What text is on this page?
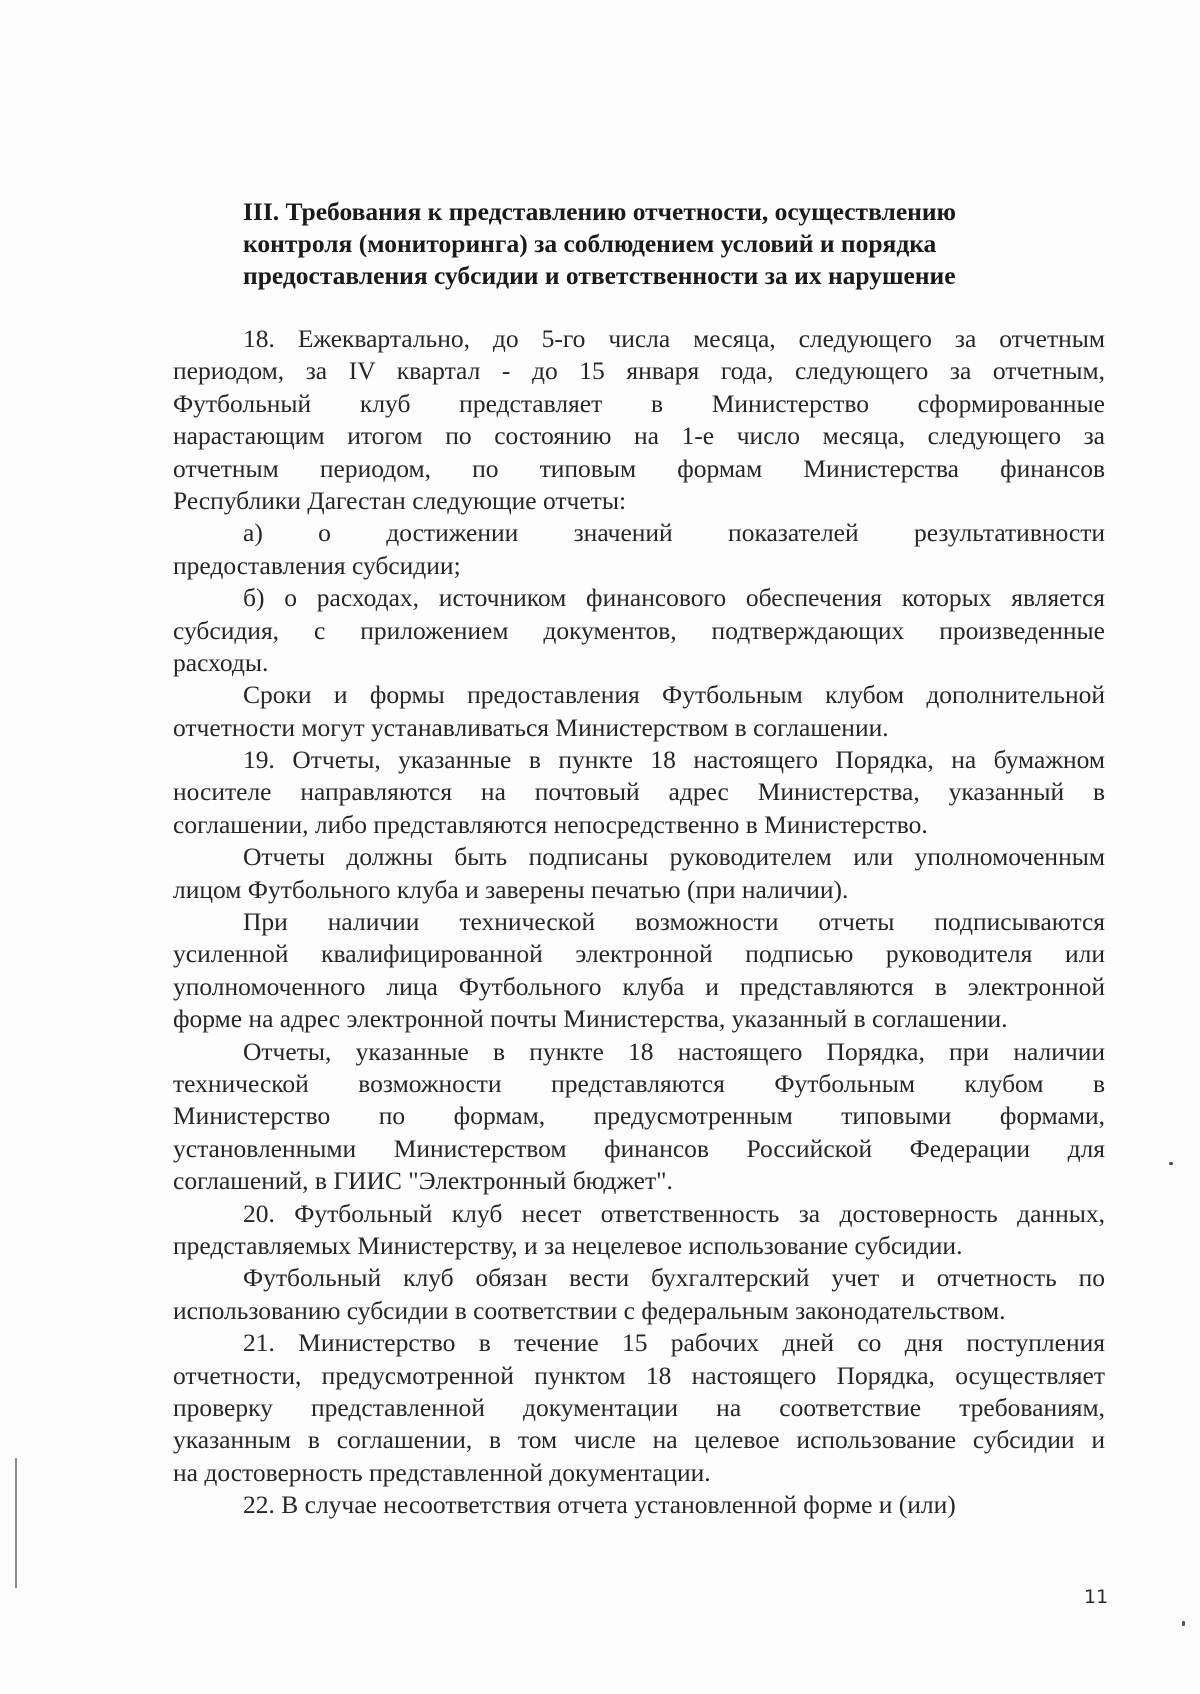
III. Требования к представлению отчетности, осуществлению
контроля (мониторинга) за соблюдением условий и порядка
предоставления субсидии и ответственности за их нарушение
18. Ежеквартально, до 5-го числа месяца, следующего за отчетным
периодом, за IV квартал - до 15 января года, следующего за отчетным,
Футбольный клуб представляет в Министерство сформированные
нарастающим итогом по состоянию на 1-е число месяца, следующего за
отчетным периодом, по типовым формам Министерства финансов
Республики Дагестан следующие отчеты:
а) о достижении значений показателей результативности
предоставления субсидии;
б) о расходах, источником финансового обеспечения которых является
субсидия, с приложением документов, подтверждающих произведенные
расходы.
Сроки и формы предоставления Футбольным клубом дополнительной
отчетности могут устанавливаться Министерством в соглашении.
19. Отчеты, указанные в пункте 18 настоящего Порядка, на бумажном
носителе направляются на почтовый адрес Министерства, указанный в
соглашении, либо представляются непосредственно в Министерство.
Отчеты должны быть подписаны руководителем или уполномоченным
лицом Футбольного клуба и заверены печатью (при наличии).
При наличии технической возможности отчеты подписываются
усиленной квалифицированной электронной подписью руководителя или
уполномоченного лица Футбольного клуба и представляются в электронной
форме на адрес электронной почты Министерства, указанный в соглашении.
Отчеты, указанные в пункте 18 настоящего Порядка, при наличии
технической возможности представляются Футбольным клубом в
Министерство по формам, предусмотренным типовыми формами,
установленными Министерством финансов Российской Федерации для
соглашений, в ГИИС "Электронный бюджет".
20. Футбольный клуб несет ответственность за достоверность данных,
представляемых Министерству, и за нецелевое использование субсидии.
Футбольный клуб обязан вести бухгалтерский учет и отчетность по
использованию субсидии в соответствии с федеральным законодательством.
21. Министерство в течение 15 рабочих дней со дня поступления
отчетности, предусмотренной пунктом 18 настоящего Порядка, осуществляет
проверку представленной документации на соответствие требованиям,
указанным в соглашении, в том числе на целевое использование субсидии и
на достоверность представленной документации.
22. В случае несоответствия отчета установленной форме и (или)
11
